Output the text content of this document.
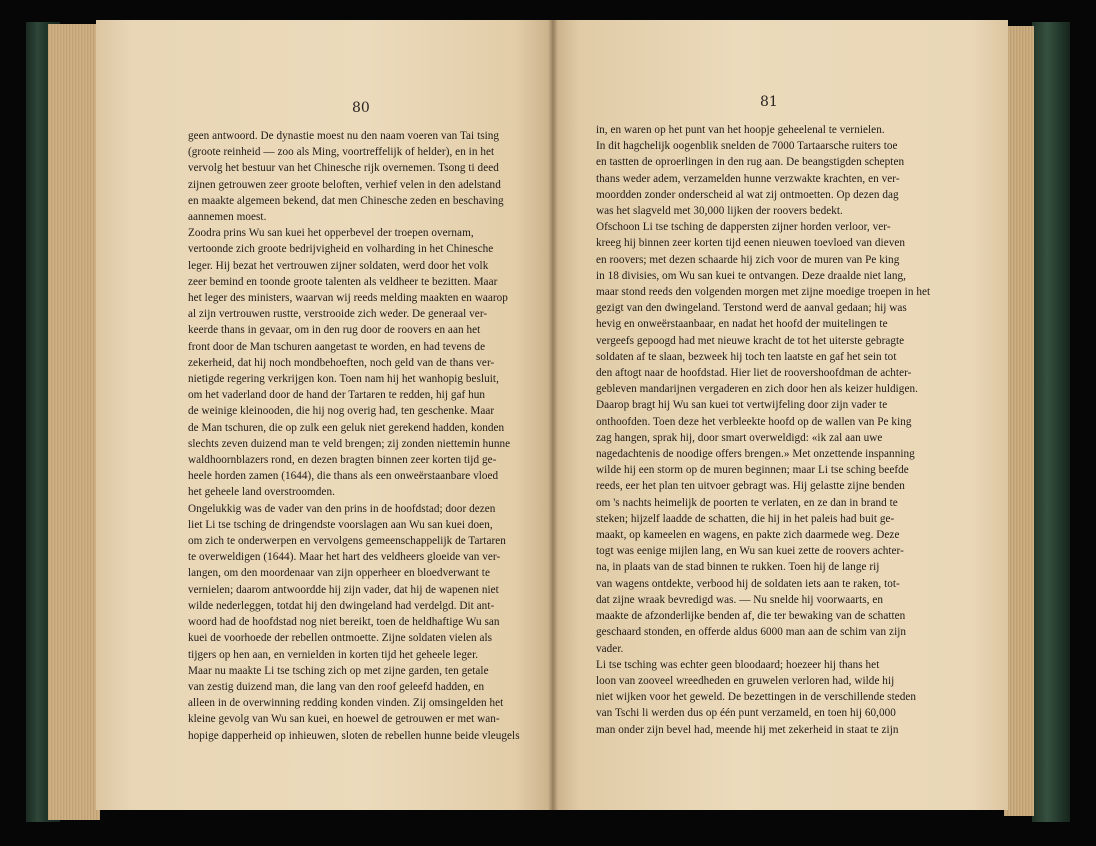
80	81
geen antwoord. De dynastie moest nu den naam voeren van Tai tsing
(groote reinheid — zoo als Ming, voortreffelijk of helder), en in het
vervolg het bestuur van het Chinesche rijk overnemen. Tsong ti deed
zijnen getrouwen zeer groote beloften, verhief velen in den adelstand
en maakte algemeen bekend, dat men Chinesche zeden en beschaving
aannemen moest.
Zoodra prins Wu san kuei het opperbevel der troepen overnam,
vertoonde zich groote bedrijvigheid en volharding in het Chinesche
leger. Hij bezat het vertrouwen zijner soldaten, werd door het volk
zeer bemind en toonde groote talenten als veldheer te bezitten. Maar
het leger des ministers, waarvan wij reeds melding maakten en waarop
al zijn vertrouwen rustte, verstrooide zich weder. De generaal ver-
keerde thans in gevaar, om in den rug door de roovers en aan het
front door de Man tschuren aangetast te worden, en had tevens de
zekerheid, dat hij noch mondbehoeften, noch geld van de thans ver-
nietigde regering verkrijgen kon. Toen nam hij het wanhopig besluit,
om het vaderland door de hand der Tartaren te redden, hij gaf hun
de weinige kleinooden, die hij nog overig had, ten geschenke. Maar
de Man tschuren, die op zulk een geluk niet gerekend hadden, konden
slechts zeven duizend man te veld brengen; zij zonden niettemin hunne
waldhoornblazers rond, en dezen bragten binnen zeer korten tijd ge-
heele horden zamen (1644), die thans als een onweërstaanbare vloed
het geheele land overstroomden.
Ongelukkig was de vader van den prins in de hoofdstad; door dezen
liet Li tse tsching de dringendste voorslagen aan Wu san kuei doen,
om zich te onderwerpen en vervolgens gemeenschappelijk de Tartaren
te overweldigen (1644). Maar het hart des veldheers gloeide van ver-
langen, om den moordenaar van zijn opperheer en bloedverwant te
vernielen; daarom antwoordde hij zijn vader, dat hij de wapenen niet
wilde nederleggen, totdat hij den dwingeland had verdelgd. Dit ant-
woord had de hoofdstad nog niet bereikt, toen de heldhaftige Wu san
kuei de voorhoede der rebellen ontmoette. Zijne soldaten vielen als
tijgers op hen aan, en vernielden in korten tijd het geheele leger.
Maar nu maakte Li tse tsching zich op met zijne garden, ten getale
van zestig duizend man, die lang van den roof geleefd hadden, en
alleen in de overwinning redding konden vinden. Zij omsingelden het
kleine gevolg van Wu san kuei, en hoewel de getrouwen er met wan-
hopige dapperheid op inhieuwen, sloten de rebellen hunne beide vleugels
in, en waren op het punt van het hoopje geheelenal te vernielen.
In dit hagchelijk oogenblik snelden de 7000 Tartaarsche ruiters toe
en tastten de oproerlingen in den rug aan. De beangstigden schepten
thans weder adem, verzamelden hunne verzwakte krachten, en ver-
moordden zonder onderscheid al wat zij ontmoetten. Op dezen dag
was het slagveld met 30,000 lijken der roovers bedekt.
Ofschoon Li tse tsching de dappersten zijner horden verloor, ver-
kreeg hij binnen zeer korten tijd eenen nieuwen toevloed van dieven
en roovers; met dezen schaarde hij zich voor de muren van Pe king
in 18 divisies, om Wu san kuei te ontvangen. Deze draalde niet lang,
maar stond reeds den volgenden morgen met zijne moedige troepen in het
gezigt van den dwingeland. Terstond werd de aanval gedaan; hij was
hevig en onweërstaanbaar, en nadat het hoofd der muitelingen te
vergeefs gepoogd had met nieuwe kracht de tot het uiterste gebragte
soldaten af te slaan, bezweek hij toch ten laatste en gaf het sein tot
den aftogt naar de hoofdstad. Hier liet de roovershoofdman de achter-
gebleven mandarijnen vergaderen en zich door hen als keizer huldigen.
Daarop bragt hij Wu san kuei tot vertwijfeling door zijn vader te
onthoofden. Toen deze het verbleekte hoofd op de wallen van Pe king
zag hangen, sprak hij, door smart overweldigd: «ik zal aan uwe
nagedachtenis de noodige offers brengen.» Met onzettende inspanning
wilde hij een storm op de muren beginnen; maar Li tse sching beefde
reeds, eer het plan ten uitvoer gebragt was. Hij gelastte zijne benden
om 's nachts heimelijk de poorten te verlaten, en ze dan in brand te
steken; hijzelf laadde de schatten, die hij in het paleis had buit ge-
maakt, op kameelen en wagens, en pakte zich daarmede weg. Deze
togt was eenige mijlen lang, en Wu san kuei zette de roovers achter-
na, in plaats van de stad binnen te rukken. Toen hij de lange rij
van wagens ontdekte, verbood hij de soldaten iets aan te raken, tot-
dat zijne wraak bevredigd was. — Nu snelde hij voorwaarts, en
maakte de afzonderlijke benden af, die ter bewaking van de schatten
geschaard stonden, en offerde aldus 6000 man aan de schim van zijn
vader.
Li tse tsching was echter geen bloodaard; hoezeer hij thans het
loon van zooveel wreedheden en gruwelen verloren had, wilde hij
niet wijken voor het geweld. De bezettingen in de verschillende steden
van Tschi li werden dus op één punt verzameld, en toen hij 60,000
man onder zijn bevel had, meende hij met zekerheid in staat te zijn
